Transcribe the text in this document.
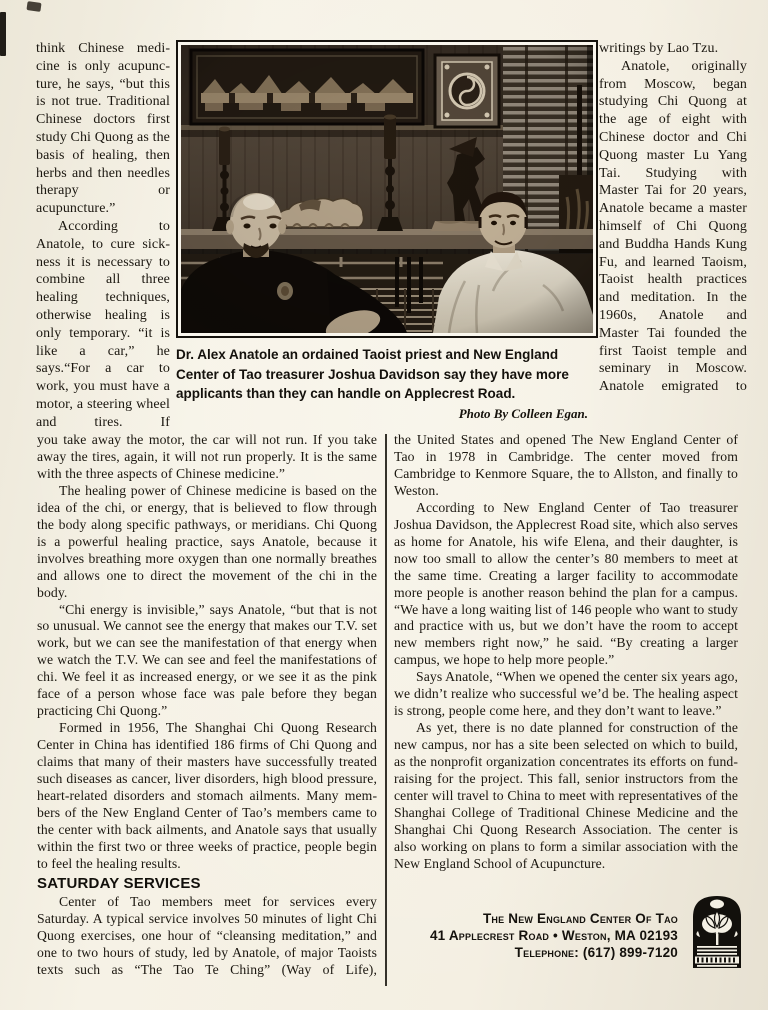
think Chinese medicine is only acupuncture, he says, “but this is not true. Traditional Chinese doctors first study Chi Quong as the basis of healing, then herbs and then needles therapy or acupuncture.”

According to Anatole, to cure sickness it is necessary to combine all three healing techniques, otherwise healing is only temporary. “it is like a car,” he says.“For a car to work, you must have a motor, a steering wheel and tires. If

Dr. Alex Anatole an ordained Taoist priest and New England Center of Tao treasurer Joshua Davidson say they have more applicants than they can handle on Applecrest Road.
Photo By Colleen Egan.

writings by Lao Tzu.

Anatole, originally from Moscow, began studying Chi Quong at the age of eight with Chinese doctor and Chi Quong master Lu Yang Tai. Studying with Master Tai for 20 years, Anatole became a master himself of Chi Quong and Buddha Hands Kung Fu, and learned Taoism, Taoist health practices and meditation. In the 1960s, Anatole and Master Tai founded the first Taoist temple and seminary in Moscow. Anatole emigrated to

you take away the motor, the car will not run. If you take away the tires, again, it will not run properly. It is the same with the three aspects of Chinese medicine.”

The healing power of Chinese medicine is based on the idea of the chi, or energy, that is believed to flow through the body along specific pathways, or meridians. Chi Quong is a powerful healing practice, says Anatole, because it involves breathing more oxygen than one normally breathes and allows one to direct the movement of the chi in the body.

“Chi energy is invisible,” says Anatole, “but that is not so unusual. We cannot see the energy that makes our T.V. set work, but we can see the manifestation of that energy when we watch the T.V. We can see and feel the manifestations of chi. We feel it as increased energy, or we see it as the pink face of a person whose face was pale before they began practicing Chi Quong.”

Formed in 1956, The Shanghai Chi Quong Research Center in China has identified 186 firms of Chi Quong and claims that many of their masters have successfully treated such diseases as cancer, liver disorders, high blood pressure, heart-related disorders and stomach ailments. Many members of the New England Center of Tao’s members came to the center with back ailments, and Anatole says that usually within the first two or three weeks of practice, people begin to feel the healing results.

SATURDAY SERVICES

Center of Tao members meet for services every Saturday. A typical service involves 50 minutes of light Chi Quong exercises, one hour of “cleansing meditation,” and one to two hours of study, led by Anatole, of major Taoists texts such as “The Tao Te Ching” (Way of Life),

the United States and opened The New England Center of Tao in 1978 in Cambridge. The center moved from Cambridge to Kenmore Square, the to Allston, and finally to Weston.

According to New England Center of Tao treasurer Joshua Davidson, the Applecrest Road site, which also serves as home for Anatole, his wife Elena, and their daughter, is now too small to allow the center’s 80 members to meet at the same time. Creating a larger facility to accommodate more people is another reason behind the plan for a campus. “We have a long waiting list of 146 people who want to study and practice with us, but we don’t have the room to accept new members right now,” he said. “By creating a larger campus, we hope to help more people.”

Says Anatole, “When we opened the center six years ago, we didn’t realize who successful we’d be. The healing aspect is strong, people come here, and they don’t want to leave.”

As yet, there is no date planned for construction of the new campus, nor has a site been selected on which to build, as the nonprofit organization concentrates its efforts on fund-raising for the project. This fall, senior instructors from the center will travel to China to meet with representatives of the Shanghai College of Traditional Chinese Medicine and the Shanghai Chi Quong Research Association. The center is also working on plans to form a similar association with the New England School of Acupuncture.

The New England Center Of Tao
41 Applecrest Road • Weston, MA 02193
Telephone: (617) 899-7120
